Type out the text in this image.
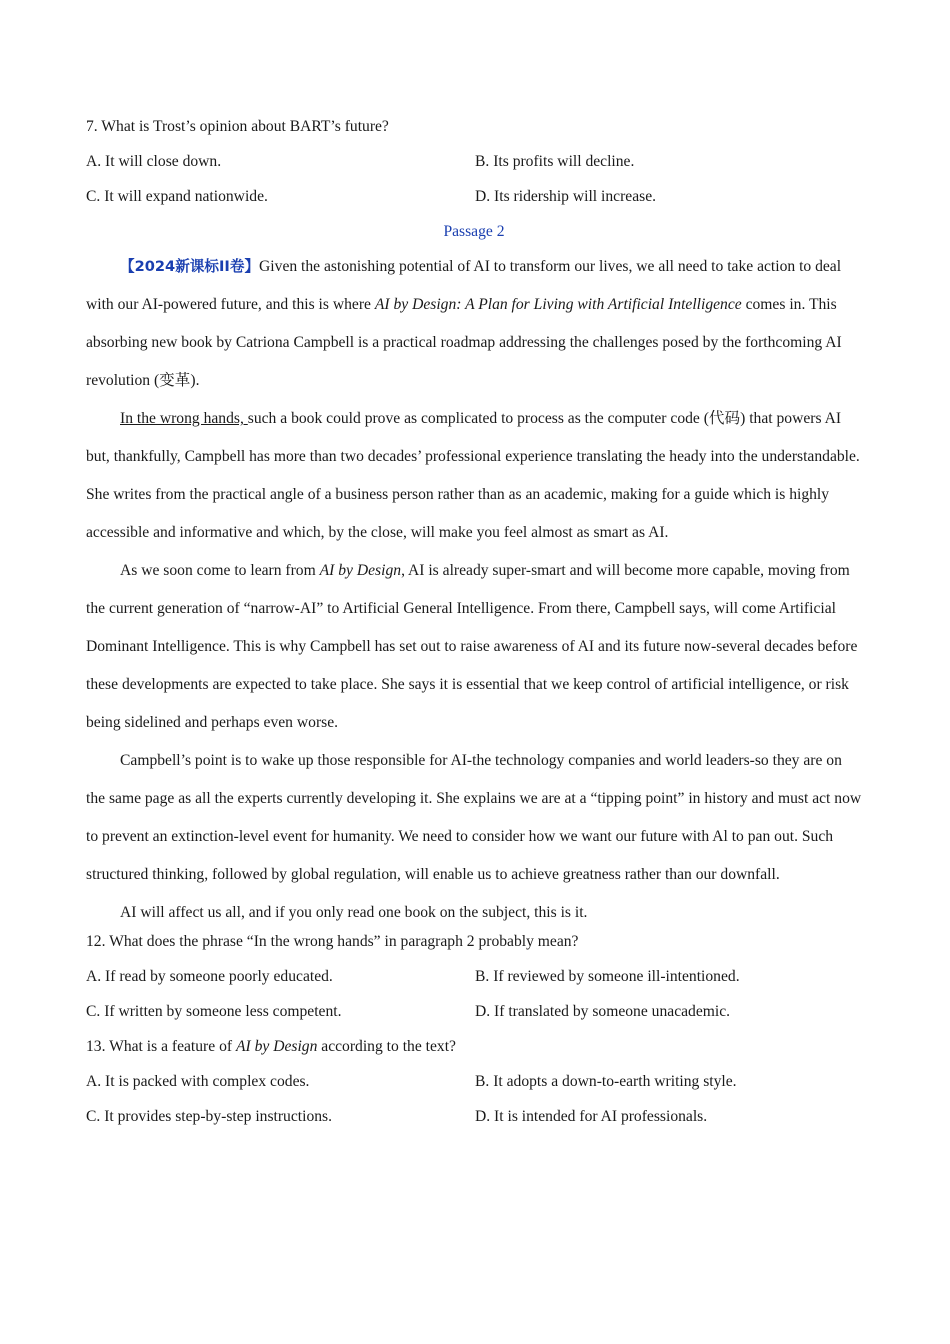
7. What is Trost’s opinion about BART’s future?
A. It will close down.	B. Its profits will decline.
C. It will expand nationwide.	D. Its ridership will increase.
Passage 2

【2024新课标ⅠⅠ卷】Given the astonishing potential of AI to transform our lives, we all need to take action to deal with our AI-powered future, and this is where AI by Design: A Plan for Living with Artificial Intelligence comes in. This absorbing new book by Catriona Campbell is a practical roadmap addressing the challenges posed by the forthcoming AI revolution (变革).

In the wrong hands, such a book could prove as complicated to process as the computer code (代码) that powers AI but, thankfully, Campbell has more than two decades’ professional experience translating the heady into the understandable. She writes from the practical angle of a business person rather than as an academic, making for a guide which is highly accessible and informative and which, by the close, will make you feel almost as smart as AI.

As we soon come to learn from AI by Design, AI is already super-smart and will become more capable, moving from the current generation of “narrow-AI” to Artificial General Intelligence. From there, Campbell says, will come Artificial Dominant Intelligence. This is why Campbell has set out to raise awareness of AI and its future now-several decades before these developments are expected to take place. She says it is essential that we keep control of artificial intelligence, or risk being sidelined and perhaps even worse.

Campbell’s point is to wake up those responsible for AI-the technology companies and world leaders-so they are on the same page as all the experts currently developing it. She explains we are at a “tipping point” in history and must act now to prevent an extinction-level event for humanity. We need to consider how we want our future with Al to pan out. Such structured thinking, followed by global regulation, will enable us to achieve greatness rather than our downfall.

AI will affect us all, and if you only read one book on the subject, this is it.

12. What does the phrase “In the wrong hands” in paragraph 2 probably mean?
A. If read by someone poorly educated.	B. If reviewed by someone ill-intentioned.
C. If written by someone less competent.	D. If translated by someone unacademic.
13. What is a feature of AI by Design according to the text?
A. It is packed with complex codes.	B. It adopts a down-to-earth writing style.
C. It provides step-by-step instructions.	D. It is intended for AI professionals.
